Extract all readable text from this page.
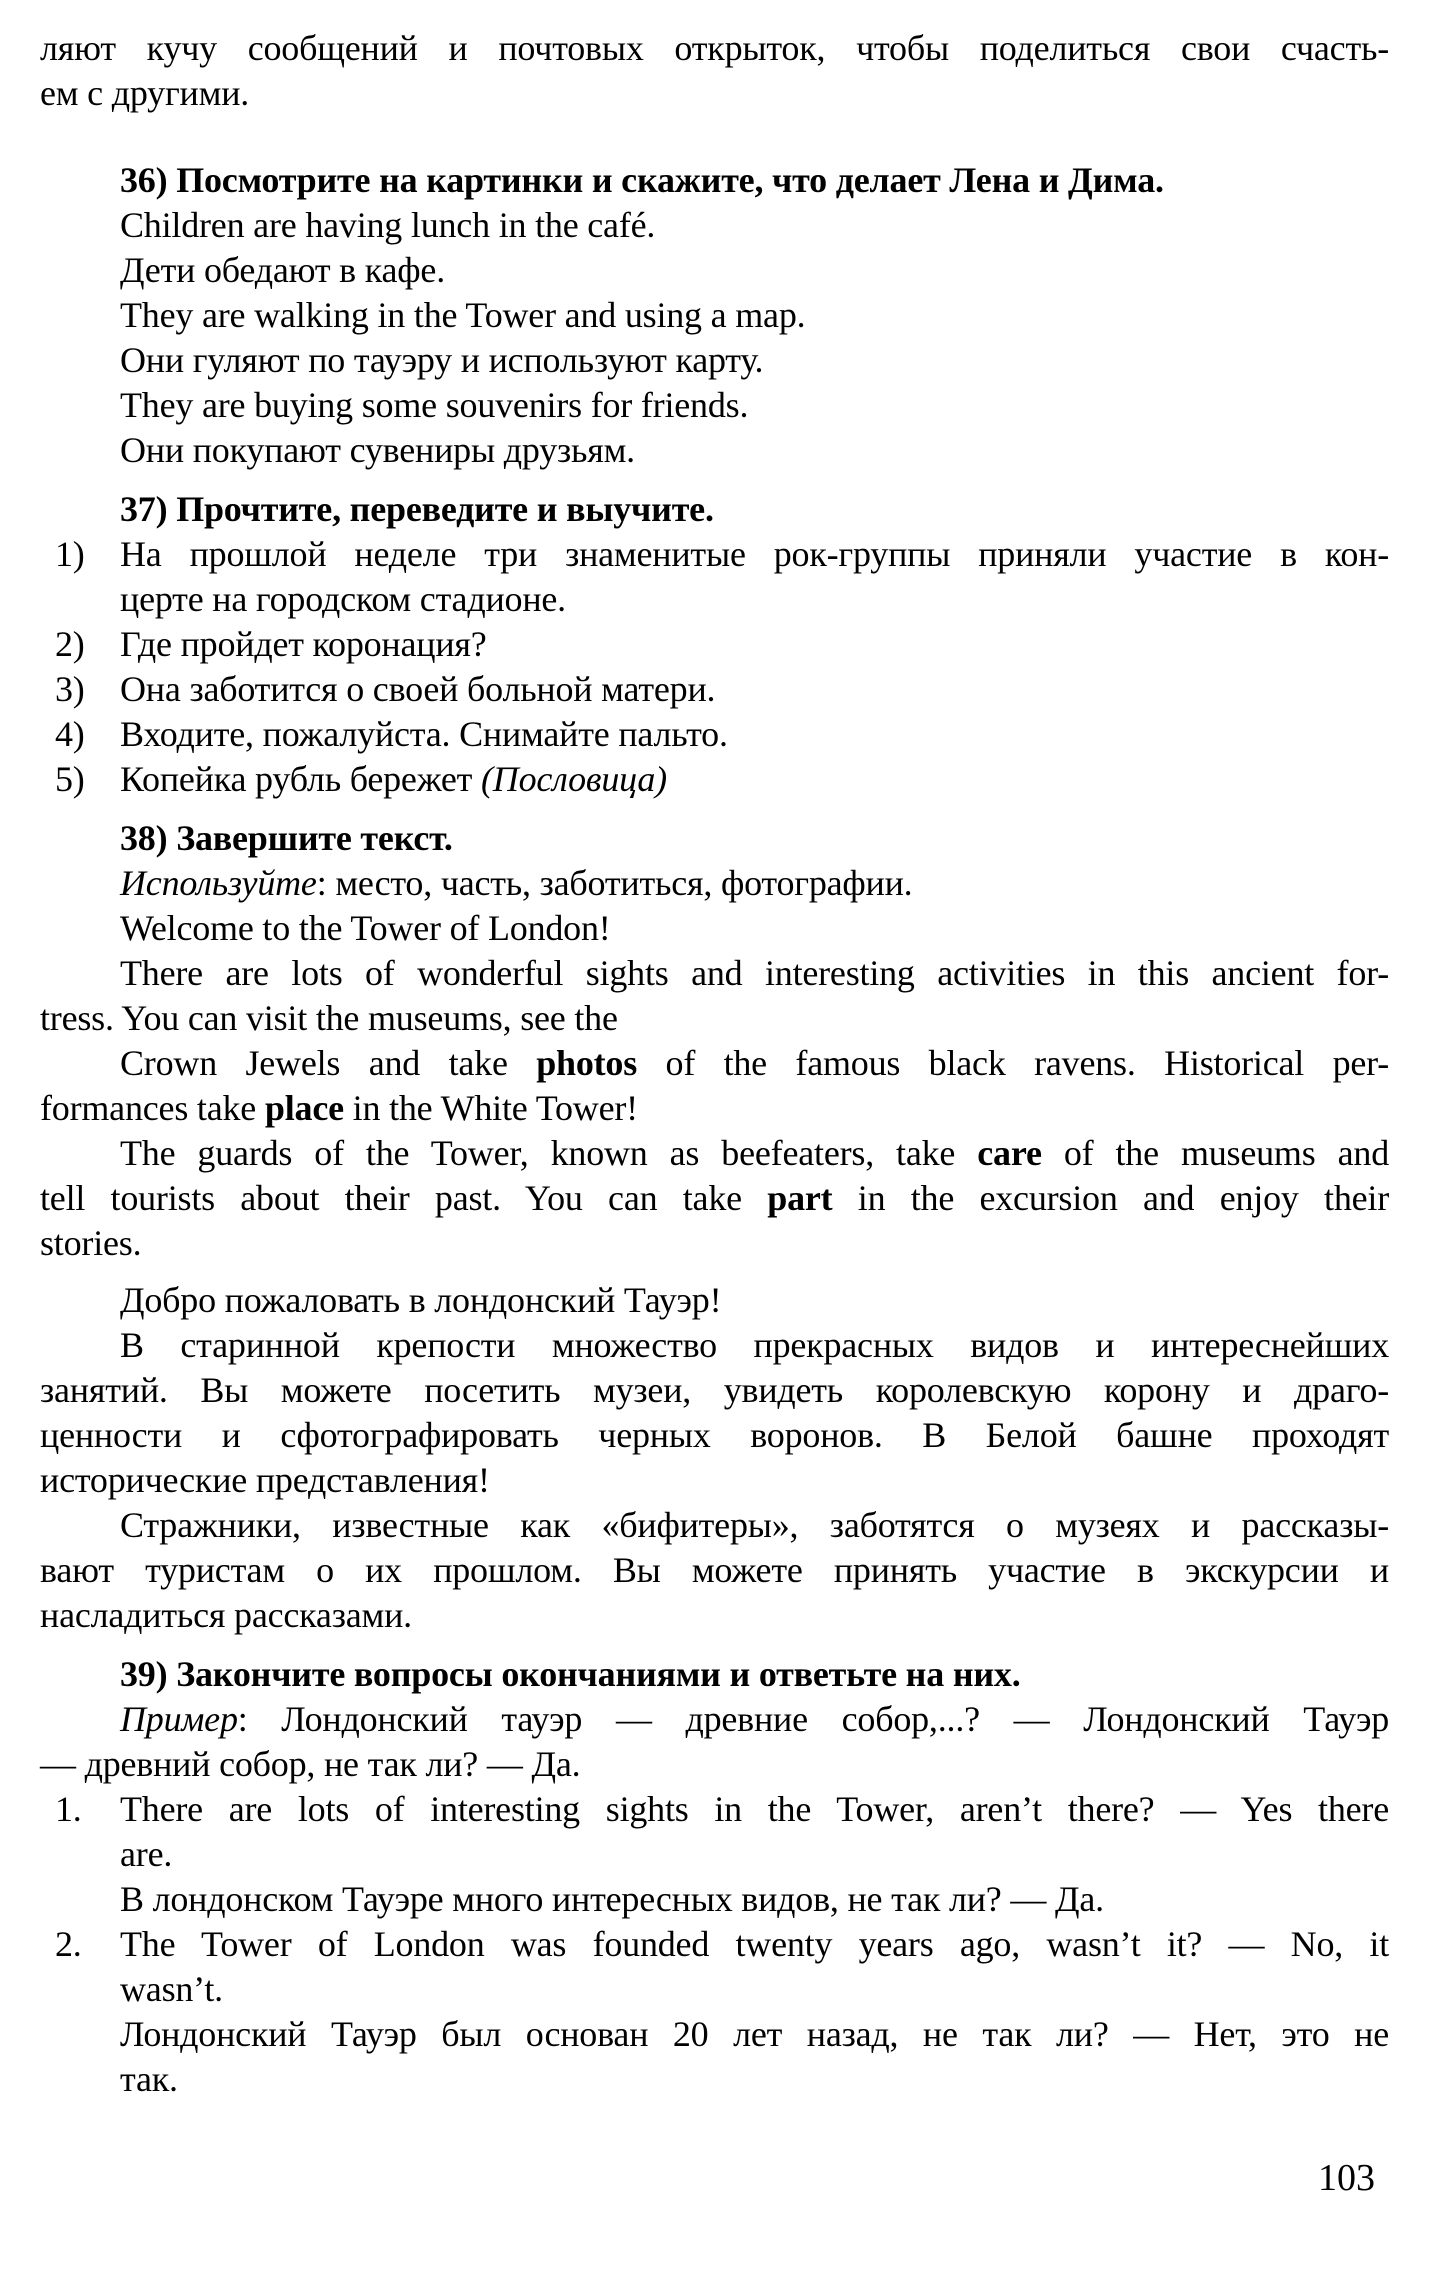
ляют кучу сообщений и почтовых открыток, чтобы поделиться свои счасть-
ем с другими.
36) Посмотрите на картинки и скажите, что делает Лена и Дима.
Children are having lunch in the café.
Дети обедают в кафе.
They are walking in the Tower and using a map.
Они гуляют по тауэру и используют карту.
They are buying some souvenirs for friends.
Они покупают сувениры друзьям.
37) Прочтите, переведите и выучите.
1) На прошлой неделе три знаменитые рок-группы приняли участие в кон-
церте на городском стадионе.
2) Где пройдет коронация?
3) Она заботится о своей больной матери.
4) Входите, пожалуйста. Снимайте пальто.
5) Копейка рубль бережет (Пословица)
38) Завершите текст.
Используйте: место, часть, заботиться, фотографии.
Welcome to the Tower of London!
There are lots of wonderful sights and interesting activities in this ancient for-
tress. You can visit the museums, see the
Crown Jewels and take photos of the famous black ravens. Historical per-
formances take place in the White Tower!
The guards of the Tower, known as beefeaters, take care of the museums and
tell tourists about their past. You can take part in the excursion and enjoy their
stories.
Добро пожаловать в лондонский Тауэр!
В старинной крепости множество прекрасных видов и интереснейших
занятий. Вы можете посетить музеи, увидеть королевскую корону и драго-
ценности и сфотографировать черных воронов. В Белой башне проходят
исторические представления!
Стражники, известные как «бифитеры», заботятся о музеях и рассказы-
вают туристам о их прошлом. Вы можете принять участие в экскурсии и
насладиться рассказами.
39) Закончите вопросы окончаниями и ответьте на них.
Пример: Лондонский тауэр — древние собор,...? — Лондонский Тауэр
— древний собор, не так ли? — Да.
1. There are lots of interesting sights in the Tower, aren’t there? — Yes there
are.
В лондонском Тауэре много интересных видов, не так ли? — Да.
2. The Tower of London was founded twenty years ago, wasn’t it? — No, it
wasn’t.
Лондонский Тауэр был основан 20 лет назад, не так ли? — Нет, это не
так.
103
